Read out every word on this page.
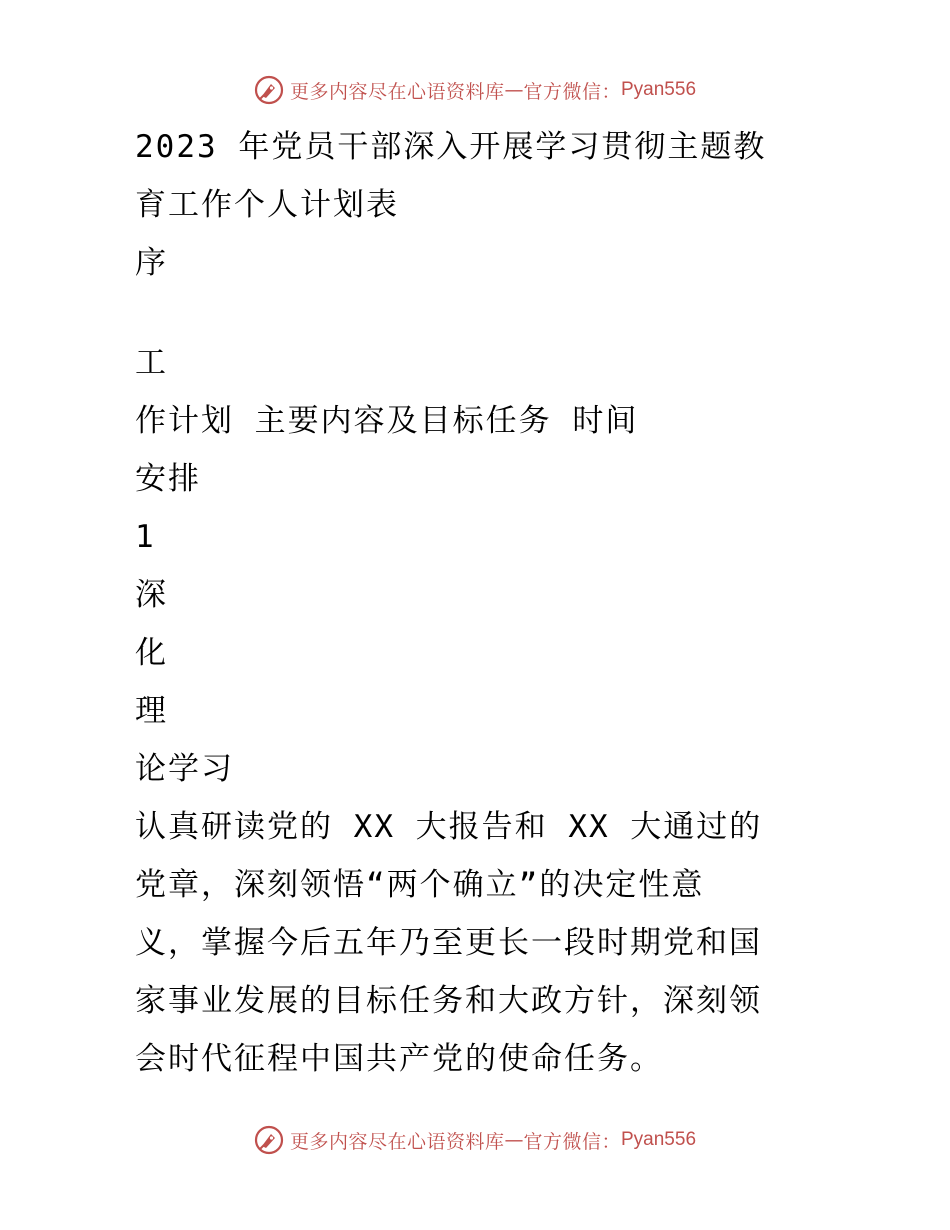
更多内容尽在心语资料库 — 官方微信： Pyan556
2023 年党员干部深入开展学习贯彻主题教
育工作个人计划表
序
工
作计划 主要内容及目标任务 时间
安排
1
深
化
理
论学习
认真研读党的 XX 大报告和 XX 大通过的
党章，深刻领悟“两个确立”的决定性意
义，掌握今后五年乃至更长一段时期党和国
家事业发展的目标任务和大政方针，深刻领
会时代征程中国共产党的使命任务。
更多内容尽在心语资料库 — 官方微信： Pyan556
